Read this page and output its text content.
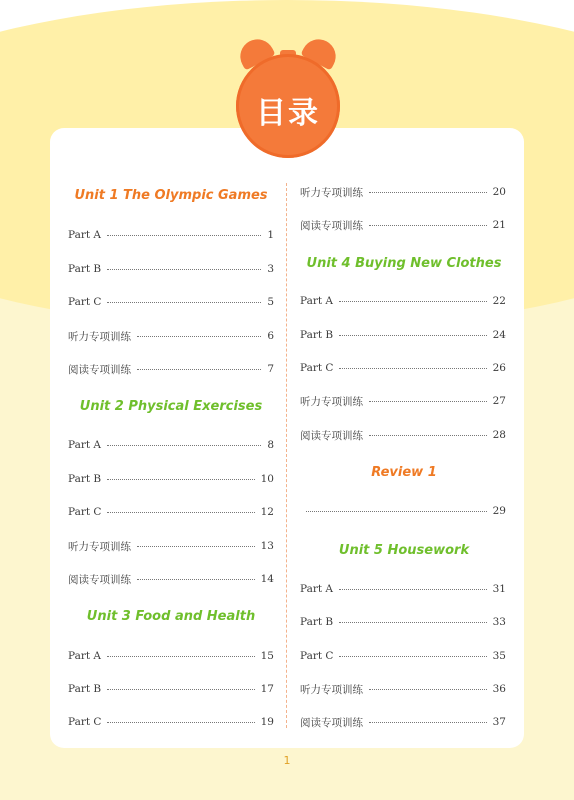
目录
Unit 1 The Olympic Games
Part A	1
Part B	3
Part C	5
听力专项训练	6
阅读专项训练	7
Unit 2 Physical Exercises
Part A	8
Part B	10
Part C	12
听力专项训练	13
阅读专项训练	14
Unit 3 Food and Health
Part A	15
Part B	17
Part C	19
听力专项训练	20
阅读专项训练	21
Unit 4 Buying New Clothes
Part A	22
Part B	24
Part C	26
听力专项训练	27
阅读专项训练	28
Review 1
29
Unit 5 Housework
Part A	31
Part B	33
Part C	35
听力专项训练	36
阅读专项训练	37
1
